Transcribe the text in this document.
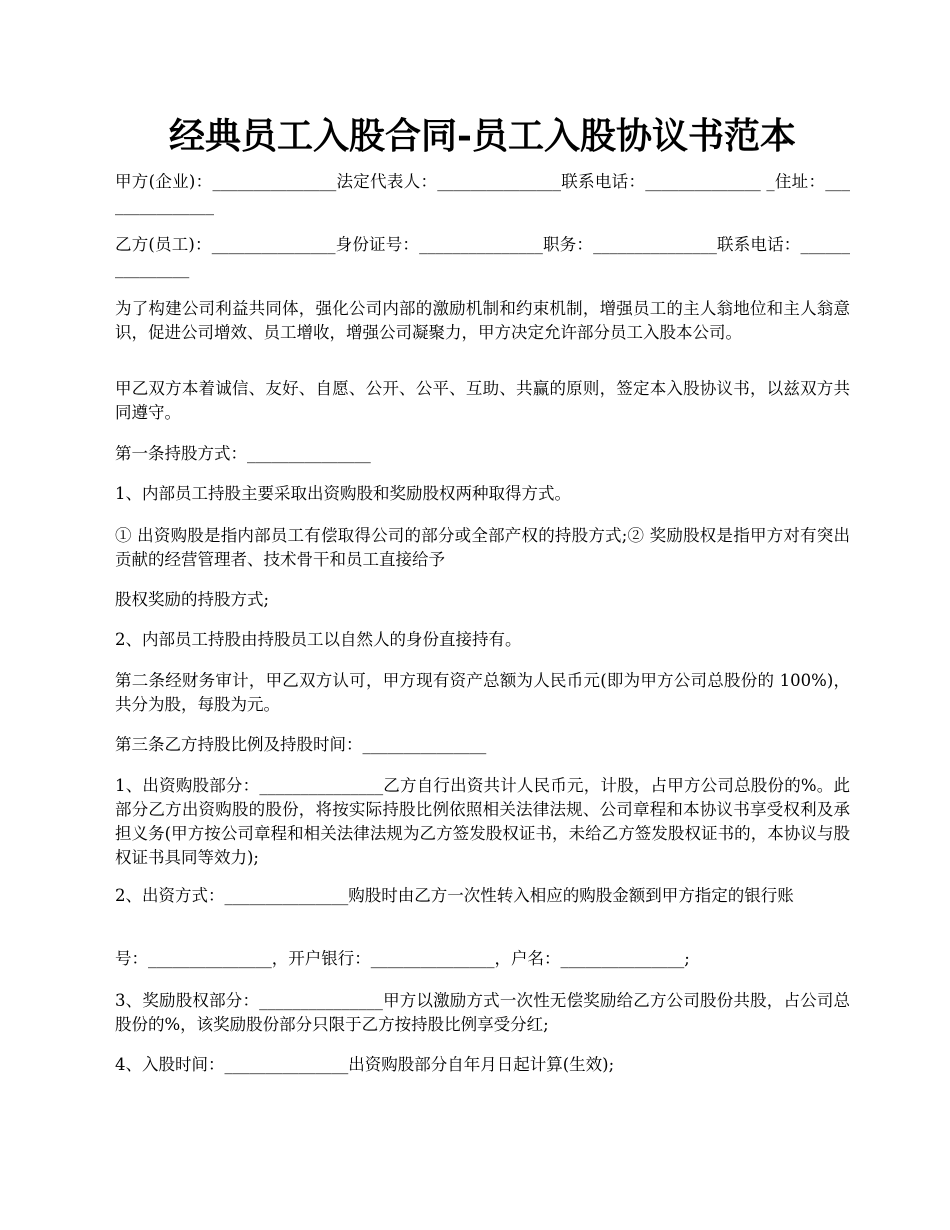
经典员工入股合同-员工入股协议书范本

甲方(企业)：_______________法定代表人：_______________联系电话：______________ _住址：_______________

乙方(员工)：_______________身份证号：_______________职务：_______________联系电话：_______________

为了构建公司利益共同体，强化公司内部的激励机制和约束机制，增强员工的主人翁地位和主人翁意识，促进公司增效、员工增收，增强公司凝聚力，甲方决定允许部分员工入股本公司。

甲乙双方本着诚信、友好、自愿、公开、公平、互助、共赢的原则，签定本入股协议书，以兹双方共同遵守。

第一条持股方式：_______________

1、内部员工持股主要采取出资购股和奖励股权两种取得方式。

① 出资购股是指内部员工有偿取得公司的部分或全部产权的持股方式;② 奖励股权是指甲方对有突出贡献的经营管理者、技术骨干和员工直接给予

股权奖励的持股方式;

2、内部员工持股由持股员工以自然人的身份直接持有。

第二条经财务审计，甲乙双方认可，甲方现有资产总额为人民币元(即为甲方公司总股份的 100%)，共分为股，每股为元。

第三条乙方持股比例及持股时间：_______________

1、出资购股部分：_______________乙方自行出资共计人民币元，计股，占甲方公司总股份的%。此部分乙方出资购股的股份，将按实际持股比例依照相关法律法规、公司章程和本协议书享受权利及承担义务(甲方按公司章程和相关法律法规为乙方签发股权证书，未给乙方签发股权证书的，本协议与股权证书具同等效力);

2、出资方式：_______________购股时由乙方一次性转入相应的购股金额到甲方指定的银行账

号：_______________，开户银行：_______________，户名：_______________;

3、奖励股权部分：_______________甲方以激励方式一次性无偿奖励给乙方公司股份共股，占公司总股份的%，该奖励股份部分只限于乙方按持股比例享受分红;

4、入股时间：_______________出资购股部分自年月日起计算(生效);
